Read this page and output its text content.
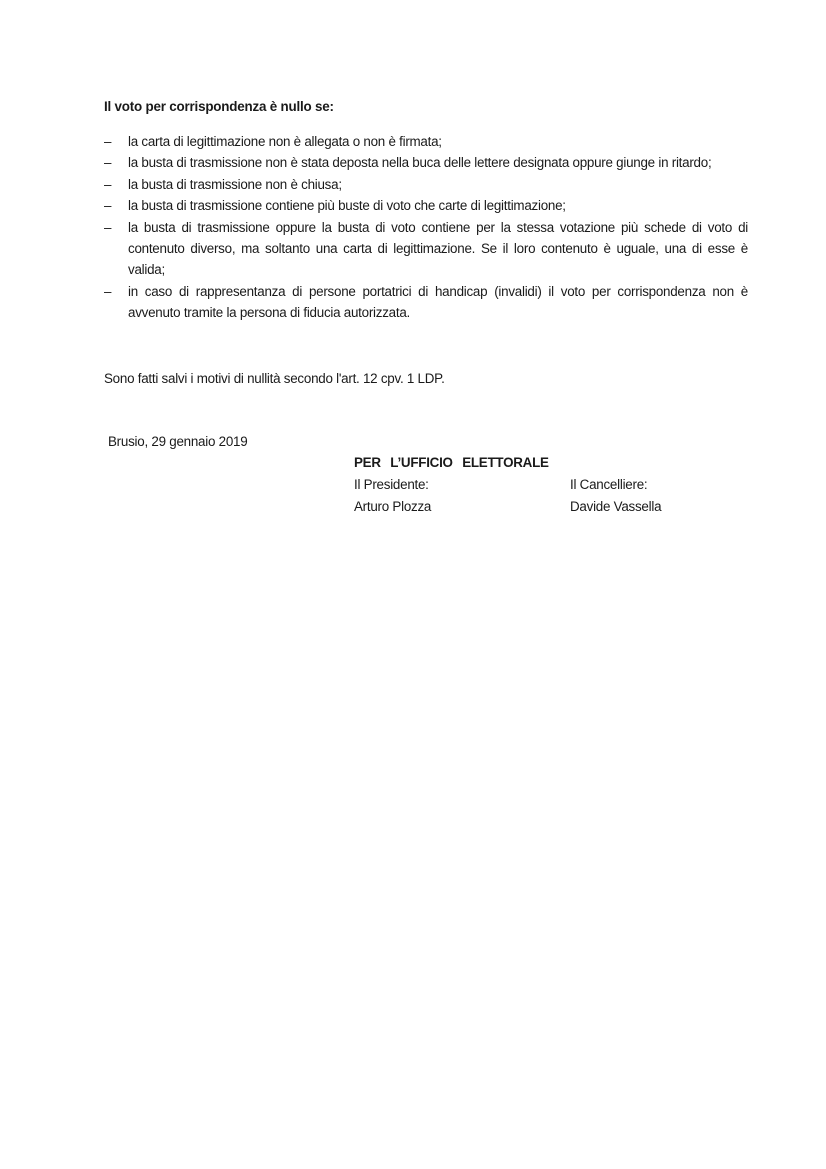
Il voto per corrispondenza è nullo se:
– la carta di legittimazione non è allegata o non è firmata;
– la busta di trasmissione non è stata deposta nella buca delle lettere designata oppure giunge in ritardo;
– la busta di trasmissione non è chiusa;
– la busta di trasmissione contiene più buste di voto che carte di legittimazione;
– la busta di trasmissione oppure la busta di voto contiene per la stessa votazione più schede di voto di contenuto diverso, ma soltanto una carta di legittimazione. Se il loro contenuto è uguale, una di esse è valida;
– in caso di rappresentanza di persone portatrici di handicap (invalidi) il voto per corrispondenza non è avvenuto tramite la persona di fiducia autorizzata.
Sono fatti salvi i motivi di nullità secondo l'art. 12 cpv. 1 LDP.
Brusio, 29 gennaio 2019
PER L’UFFICIO ELETTORALE
Il Presidente:
Arturo Plozza
Il Cancelliere:
Davide Vassella
